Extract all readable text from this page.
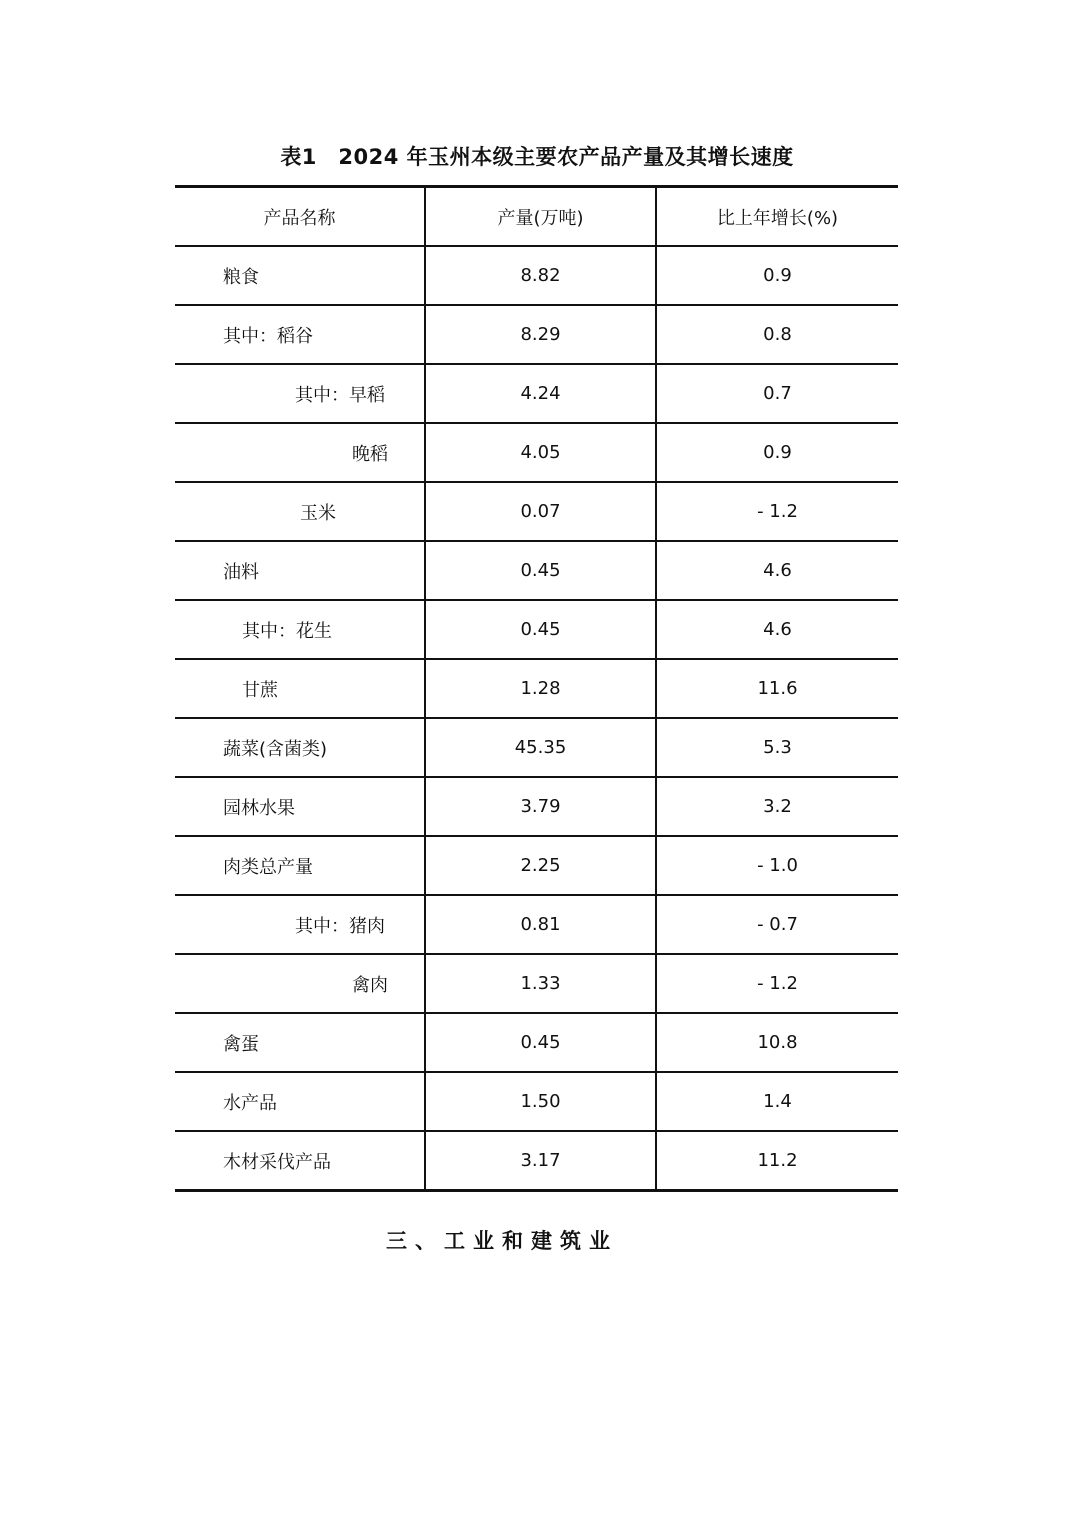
表1　2024 年玉州本级主要农产品产量及其增长速度
产品名称	产量(万吨)	比上年增长(%)
粮食	8.82	0.9
其中：稻谷	8.29	0.8
其中：早稻	4.24	0.7
晚稻	4.05	0.9
玉米	0.07	- 1.2
油料	0.45	4.6
其中：花生	0.45	4.6
甘蔗	1.28	11.6
蔬菜(含菌类)	45.35	5.3
园林水果	3.79	3.2
肉类总产量	2.25	- 1.0
其中：猪肉	0.81	- 0.7
禽肉	1.33	- 1.2
禽蛋	0.45	10.8
水产品	1.50	1.4
木材采伐产品	3.17	11.2
三、工业和建筑业
